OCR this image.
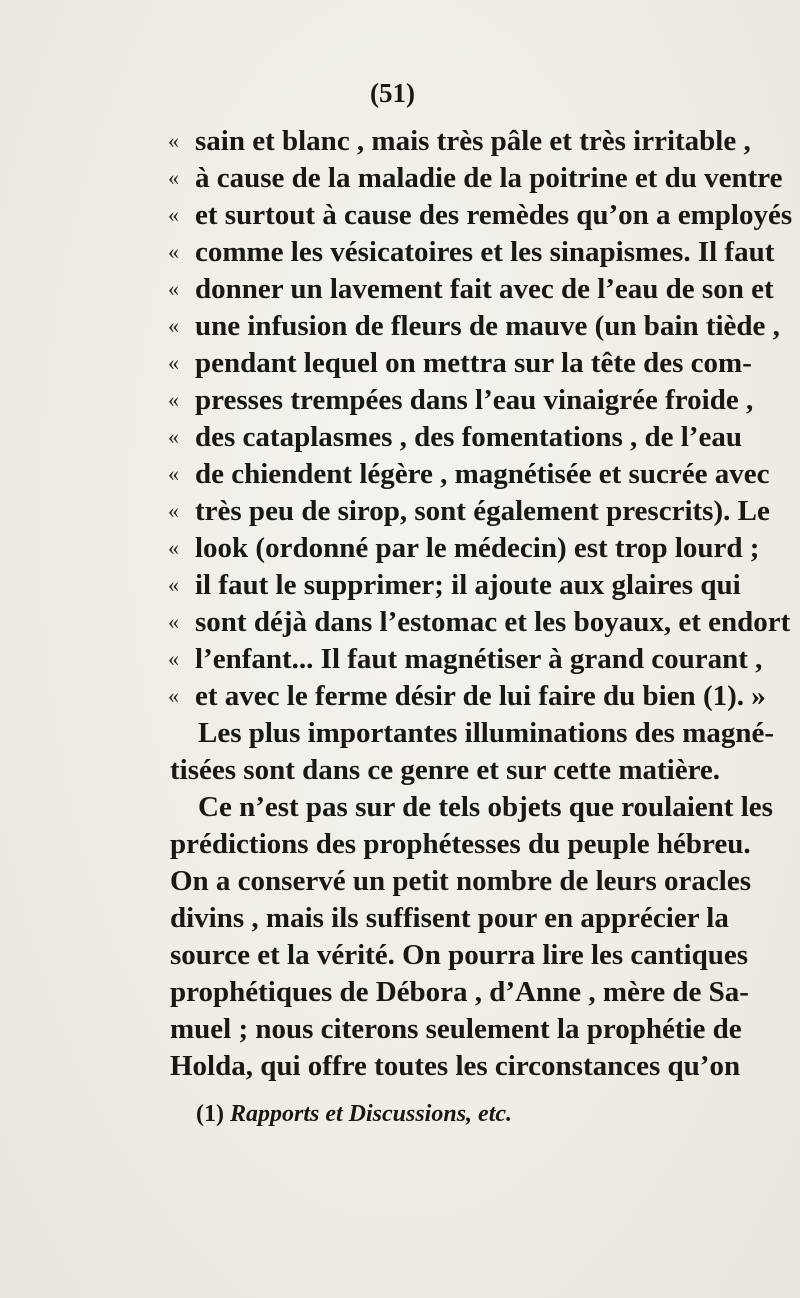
(51)
« sain et blanc , mais très pâle et très irritable ,
« à cause de la maladie de la poitrine et du ventre
« et surtout à cause des remèdes qu’on a employés
« comme les vésicatoires et les sinapismes. Il faut
« donner un lavement fait avec de l’eau de son et
« une infusion de fleurs de mauve (un bain tiède ,
« pendant lequel on mettra sur la tête des com-
« presses trempées dans l’eau vinaigrée froide ,
« des cataplasmes , des fomentations , de l’eau
« de chiendent légère , magnétisée et sucrée avec
« très peu de sirop, sont également prescrits). Le
« look (ordonné par le médecin) est trop lourd ;
« il faut le supprimer; il ajoute aux glaires qui
« sont déjà dans l’estomac et les boyaux, et endort
« l’enfant... Il faut magnétiser à grand courant ,
« et avec le ferme désir de lui faire du bien (1). »
Les plus importantes illuminations des magné-
tisées sont dans ce genre et sur cette matière.
Ce n’est pas sur de tels objets que roulaient les
prédictions des prophétesses du peuple hébreu.
On a conservé un petit nombre de leurs oracles
divins , mais ils suffisent pour en apprécier la
source et la vérité. On pourra lire les cantiques
prophétiques de Débora , d’Anne , mère de Sa-
muel ; nous citerons seulement la prophétie de
Holda, qui offre toutes les circonstances qu’on
(1) Rapports et Discussions, etc.
